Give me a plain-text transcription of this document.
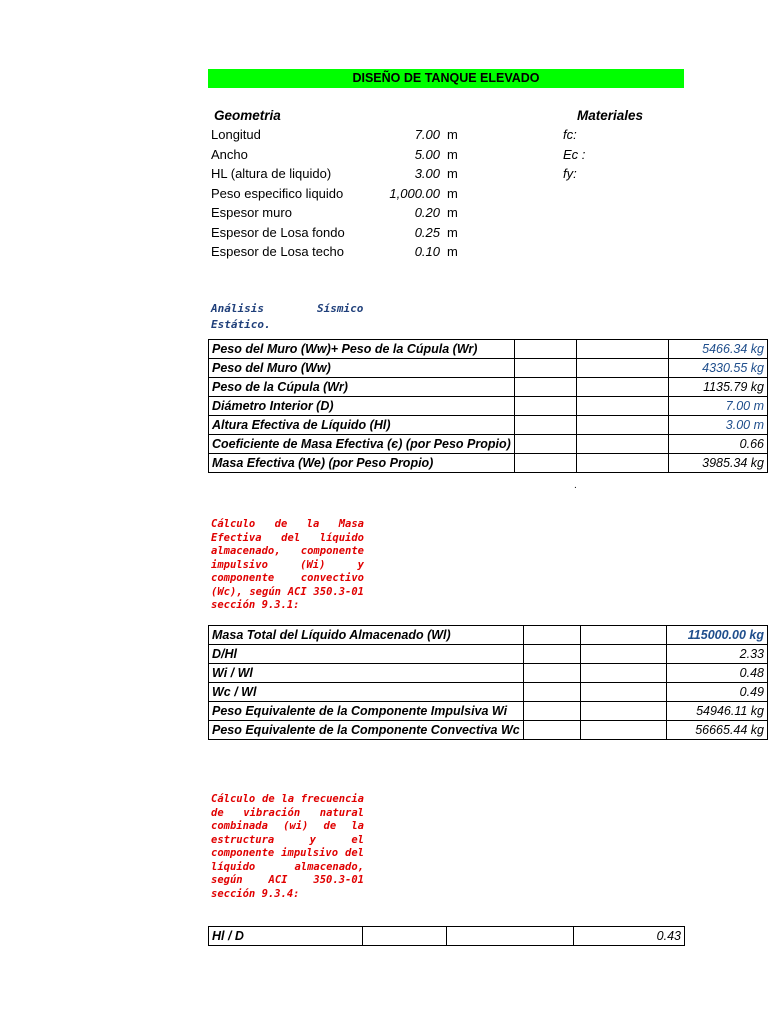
DISEÑO DE TANQUE ELEVADO
Geometria
Longitud	7.00 m
Ancho	5.00 m
HL (altura de liquido)	3.00 m
Peso especifico liquido	1,000.00 m
Espesor muro	0.20 m
Espesor de Losa fondo	0.25 m
Espesor de Losa techo	0.10 m
Materiales
fc:
Ec :
fy:

Análisis        Sísmico
Estático.

Peso del Muro (Ww)+ Peso de la Cúpula (Wr)			5466.34 kg
Peso del Muro (Ww)			4330.55 kg
Peso de la Cúpula (Wr)			1135.79 kg
Diámetro Interior (D)			7.00 m
Altura Efectiva de Líquido (Hl)			3.00 m
Coeficiente de Masa Efectiva (є) (por Peso Propio)			0.66
Masa Efectiva (We) (por Peso Propio)			3985.34 kg
.
Cálculo de la Masa Efectiva del líquido almacenado, componente impulsivo (Wi) y componente convectivo (Wc), según ACI 350.3-01 sección 9.3.1:
Masa Total del Líquido Almacenado (Wl)			115000.00 kg
D/Hl			2.33
Wi / Wl			0.48
Wc / Wl			0.49
Peso Equivalente de la Componente Impulsiva Wi			54946.11 kg
Peso Equivalente de la Componente Convectiva Wc			56665.44 kg
Cálculo de la frecuencia de vibración natural combinada (wi) de la estructura y el componente impulsivo del líquido almacenado, según ACI 350.3-01 sección 9.3.4:
Hl / D			0.43
